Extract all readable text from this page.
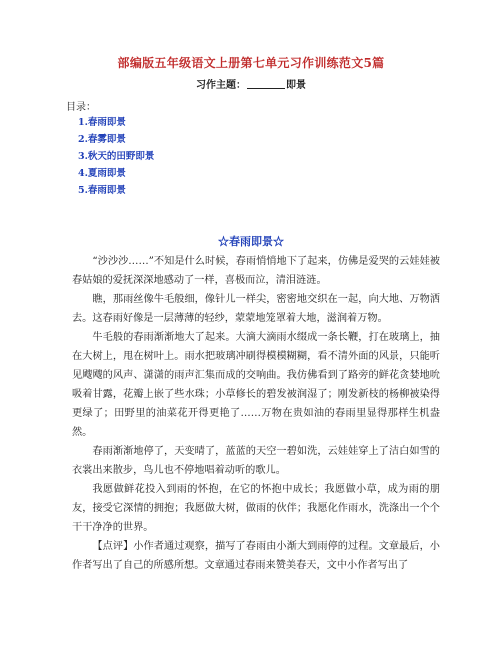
部编版五年级语文上册第七单元习作训练范文5篇
习作主题：	即景
目录：
1.春雨即景
2.春雾即景
3.秋天的田野即景
4.夏雨即景
5.春雨即景
☆春雨即景☆

“沙沙沙……”不知是什么时候，春雨悄悄地下了起来，仿佛是爱哭的云娃娃被春姑娘的爱抚深深地感动了一样，喜极而泣，清泪涟涟。

瞧，那雨丝像牛毛般细，像针儿一样尖，密密地交织在一起，向大地、万物洒去。这春雨好像是一层薄薄的轻纱，蒙蒙地笼罩着大地，滋润着万物。

牛毛般的春雨渐渐地大了起来。大滴大滴雨水缀成一条长鞭，打在玻璃上，抽在大树上，甩在树叶上。雨水把玻璃冲刷得模模糊糊，看不清外面的风景，只能听见飕飕的风声、潇潇的雨声汇集而成的交响曲。我仿佛看到了路旁的鲜花贪婪地吮吸着甘露，花瓣上嵌了些水珠；小草修长的碧发被润湿了；刚发新枝的杨柳被染得更绿了；田野里的油菜花开得更艳了……万物在贵如油的春雨里显得那样生机盎然。

春雨渐渐地停了，天变晴了，蓝蓝的天空一碧如洗，云娃娃穿上了洁白如雪的衣裳出来散步，鸟儿也不停地唱着动听的歌儿。

我愿做鲜花投入到雨的怀抱，在它的怀抱中成长；我愿做小草，成为雨的朋友，接受它深情的拥抱；我愿做大树，做雨的伙伴；我愿化作雨水，洗涤出一个个干干净净的世界。

【点评】小作者通过观察，描写了春雨由小渐大到雨停的过程。文章最后，小作者写出了自己的所感所想。文章通过春雨来赞美春天，文中小作者写出了
